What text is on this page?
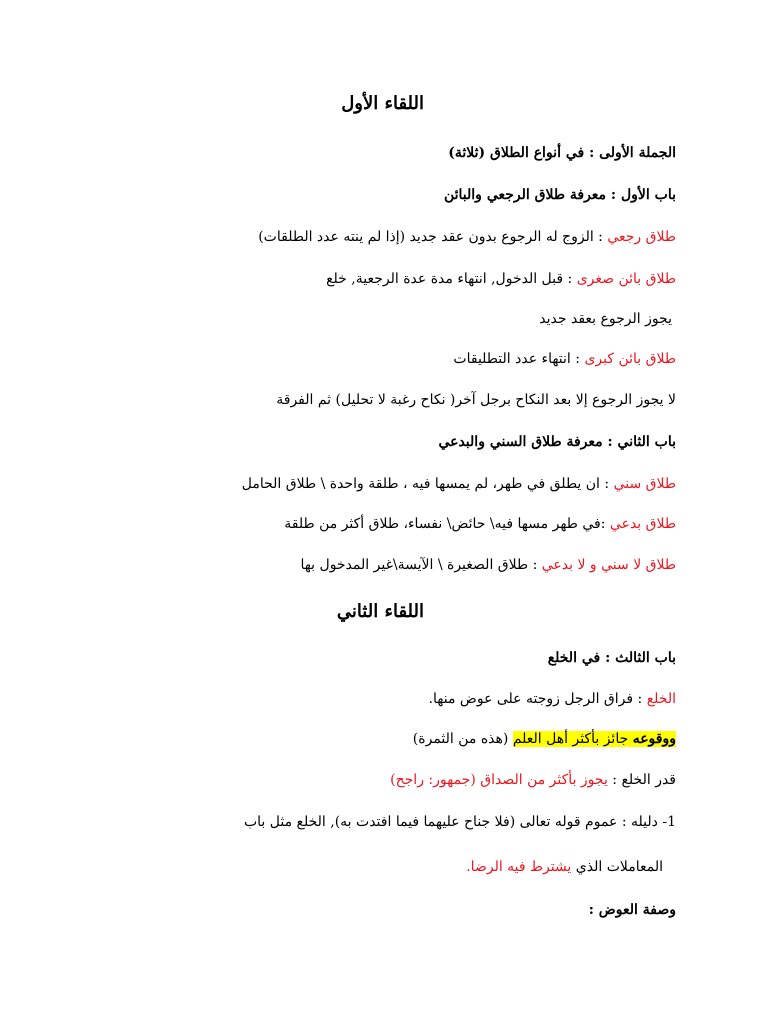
اللقاء الأول
الجملة الأولى : في أنواع الطلاق (ثلاثة)
باب الأول : معرفة طلاق الرجعي والبائن
طلاق رجعي : الزوج له الرجوع بدون عقد جديد (إذا لم ينته عدد الطلقات)
طلاق بائن صغرى : قبل الدخول, انتهاء مدة عدة الرجعية, خلع
يجوز الرجوع بعقد جديد
طلاق بائن كبرى : انتهاء عدد التطليقات
لا يجوز الرجوع إلا بعد النكاح برجل آخر( نكاح رغبة لا تحليل) ثم الفرقة
باب الثاني : معرفة طلاق السني والبدعي
طلاق سني : ان يطلق في طهر، لم يمسها فيه ، طلقة واحدة \ طلاق الحامل
طلاق بدعي :في طهر مسها فيه\ حائض\ نفساء، طلاق أكثر من طلقة
طلاق لا سني و لا بدعي : طلاق الصغيرة \ الآيسة\غير المدخول بها
اللقاء الثاني
باب الثالث : في الخلع
الخلع : فراق الرجل زوجته على عوض منها.
ووقوعه جائز بأكثر أهل العلم (هذه من الثمرة)
قدر الخلع : يجوز بأكثر من الصداق (جمهور: راجح)
1- دليله : عموم قوله تعالى (فلا جناح عليهما فيما افتدت به), الخلع مثل باب
المعاملات الذي يشترط فيه الرضا.
وصفة العوض :
